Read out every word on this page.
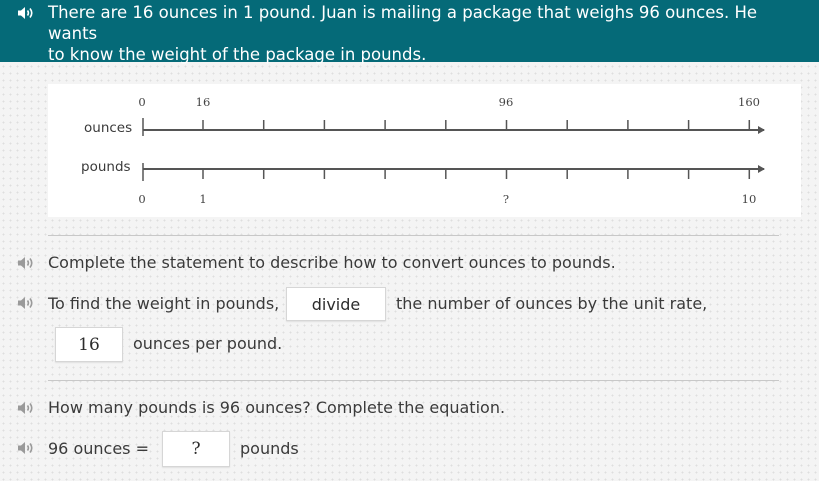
There are 16 ounces in 1 pound. Juan is mailing a package that weighs 96 ounces. He wants
to know the weight of the package in pounds.
ounces
pounds
0	16	96	160
0	1	?	10
Complete the statement to describe how to convert ounces to pounds.
To find the weight in pounds,	divide	the number of ounces by the unit rate,
16	ounces per pound.
How many pounds is 96 ounces? Complete the equation.
96 ounces =	?	pounds
